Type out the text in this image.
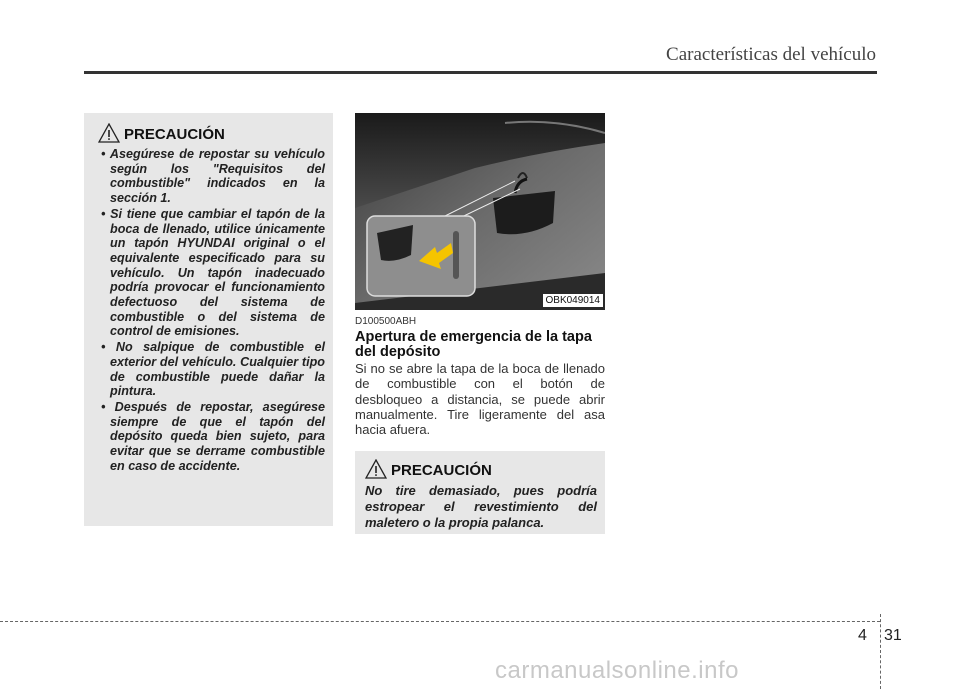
Características del vehículo
PRECAUCIÓN
• Asegúrese de repostar su vehículo según los "Requisitos del combustible" indicados en la sección 1.
• Si tiene que cambiar el tapón de la boca de llenado, utilice únicamente un tapón HYUNDAI original o el equivalente especificado para su vehículo. Un tapón inadecuado podría provocar el funcionamiento defectuoso del sistema de combustible o del sistema de control de emisiones.
• No salpique de combustible el exterior del vehículo. Cualquier tipo de combustible puede dañar la pintura.
• Después de repostar, asegúrese siempre de que el tapón del depósito queda bien sujeto, para evitar que se derrame combustible en caso de accidente.
OBK049014
D100500ABH
Apertura de emergencia de la tapa del depósito

Si no se abre la tapa de la boca de llenado de combustible con el botón de desbloqueo a distancia, se puede abrir manualmente. Tire ligeramente del asa hacia afuera.

PRECAUCIÓN

No tire demasiado, pues podría estropear el revestimiento del maletero o la propia palanca.

4 31
carmanualsonline.info
